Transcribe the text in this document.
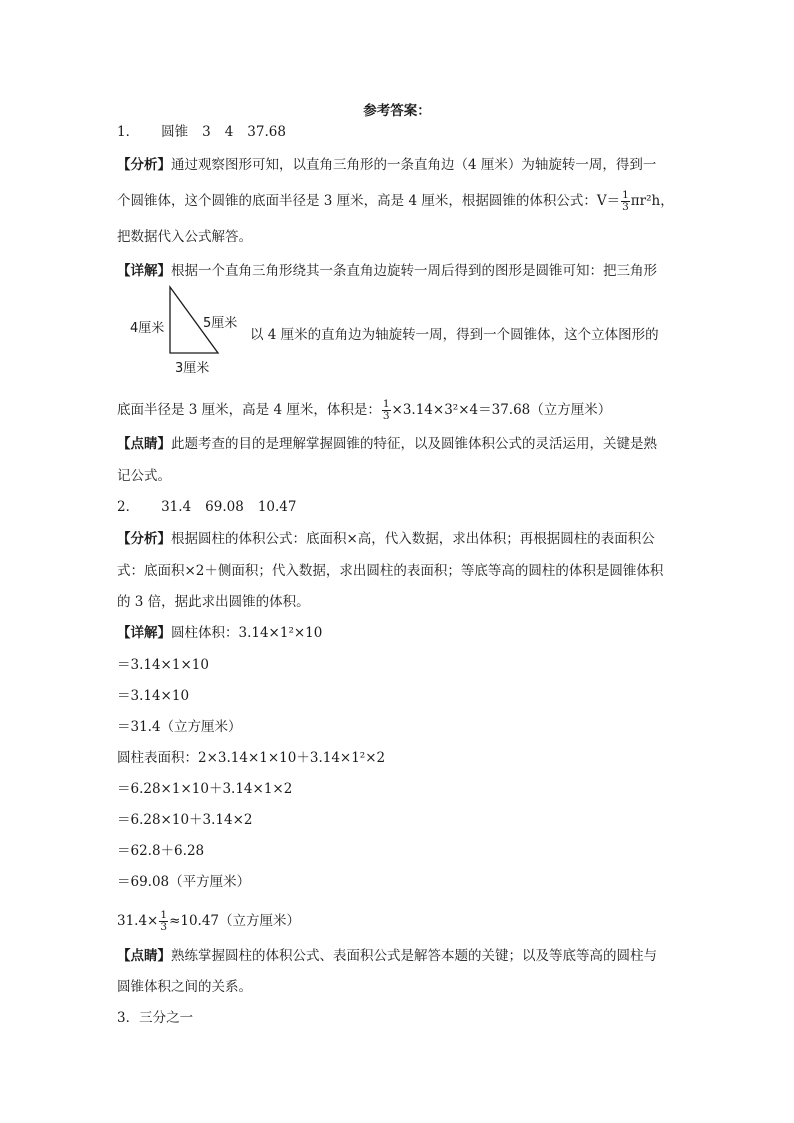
参考答案：
1． 圆锥 3 4 37.68
【分析】通过观察图形可知，以直角三角形的一条直角边（4 厘米）为轴旋转一周，得到一
个圆锥体，这个圆锥的底面半径是 3 厘米，高是 4 厘米，根据圆锥的体积公式：$V= \frac{1}{3} \pi r^2h$，
把数据代入公式解答。
【详解】根据一个直角三角形绕其一条直角边旋转一周后得到的图形是圆锥可知：把三角形
4厘米	5厘米
3厘米
以 4 厘米的直角边为轴旋转一周，得到一个圆锥体，这个立体图形的
底面半径是 3 厘米，高是 4 厘米，体积是： $\frac{1}{3} \times 3.14\times 3^2\times 4=37.68$（立方厘米）
【点睛】此题考查的目的是理解掌握圆锥的特征，以及圆锥体积公式的灵活运用，关键是熟
记公式。
2． 31.4 69.08 10.47
【分析】根据圆柱的体积公式：底面积×高，代入数据，求出体积；再根据圆柱的表面积公
式：底面积×2＋侧面积；代入数据，求出圆柱的表面积；等底等高的圆柱的体积是圆锥体积
的 3 倍，据此求出圆锥的体积。
【详解】圆柱体积：3.14×1²×10
＝3.14×1×10
＝3.14×10
＝31.4（立方厘米）
圆柱表面积：2×3.14×1×10＋3.14×1²×2
＝6.28×1×10＋3.14×1×2
＝6.28×10＋3.14×2
＝62.8＋6.28
＝69.08（平方厘米）
$31.4\times \frac{1}{3} \approx 10.47$（立方厘米）
【点睛】熟练掌握圆柱的体积公式、表面积公式是解答本题的关键；以及等底等高的圆柱与
圆锥体积之间的关系。
3．三分之一
